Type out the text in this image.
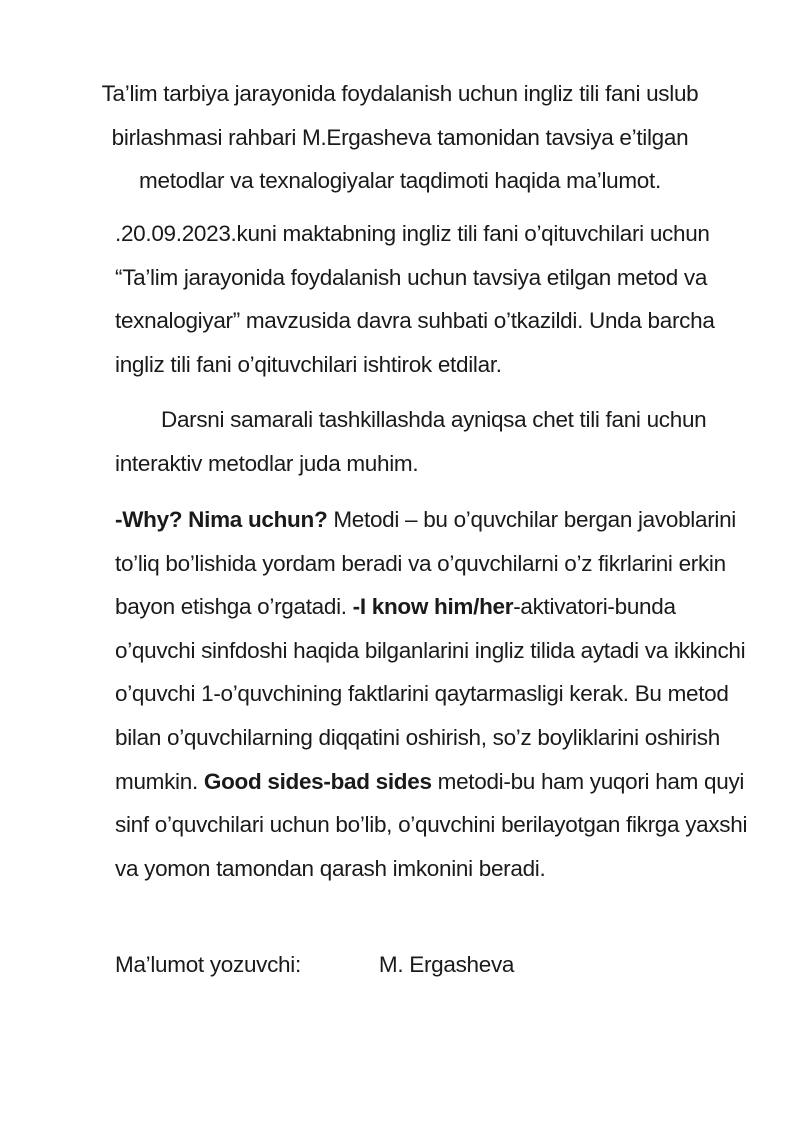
Ta’lim tarbiya jarayonida foydalanish uchun ingliz tili fani uslub
birlashmasi rahbari M.Ergasheva tamonidan tavsiya e’tilgan
metodlar va texnalogiyalar taqdimoti haqida ma’lumot.
.20.09.2023.kuni maktabning ingliz tili fani o’qituvchilari uchun “Ta’lim jarayonida foydalanish uchun tavsiya etilgan metod va texnalogiyar” mavzusida davra suhbati o’tkazildi. Unda barcha ingliz tili fani o’qituvchilari ishtirok etdilar.
Darsni samarali tashkillashda ayniqsa chet tili fani uchun interaktiv metodlar juda muhim.
-Why? Nima uchun? Metodi – bu o’quvchilar bergan javoblarini to’liq bo’lishida yordam beradi va o’quvchilarni o’z fikrlarini erkin bayon etishga o’rgatadi. -I know him/her-aktivatori-bunda o’quvchi sinfdoshi haqida bilganlarini ingliz tilida aytadi va ikkinchi o’quvchi 1-o’quvchining faktlarini qaytarmasligi kerak. Bu metod bilan o’quvchilarning diqqatini oshirish, so’z boyliklarini oshirish mumkin. Good sides-bad sides metodi-bu ham yuqori ham quyi sinf o’quvchilari uchun bo’lib, o’quvchini berilayotgan fikrga yaxshi va yomon tamondan qarash imkonini beradi.
Ma’lumot yozuvchi:	M. Ergasheva
